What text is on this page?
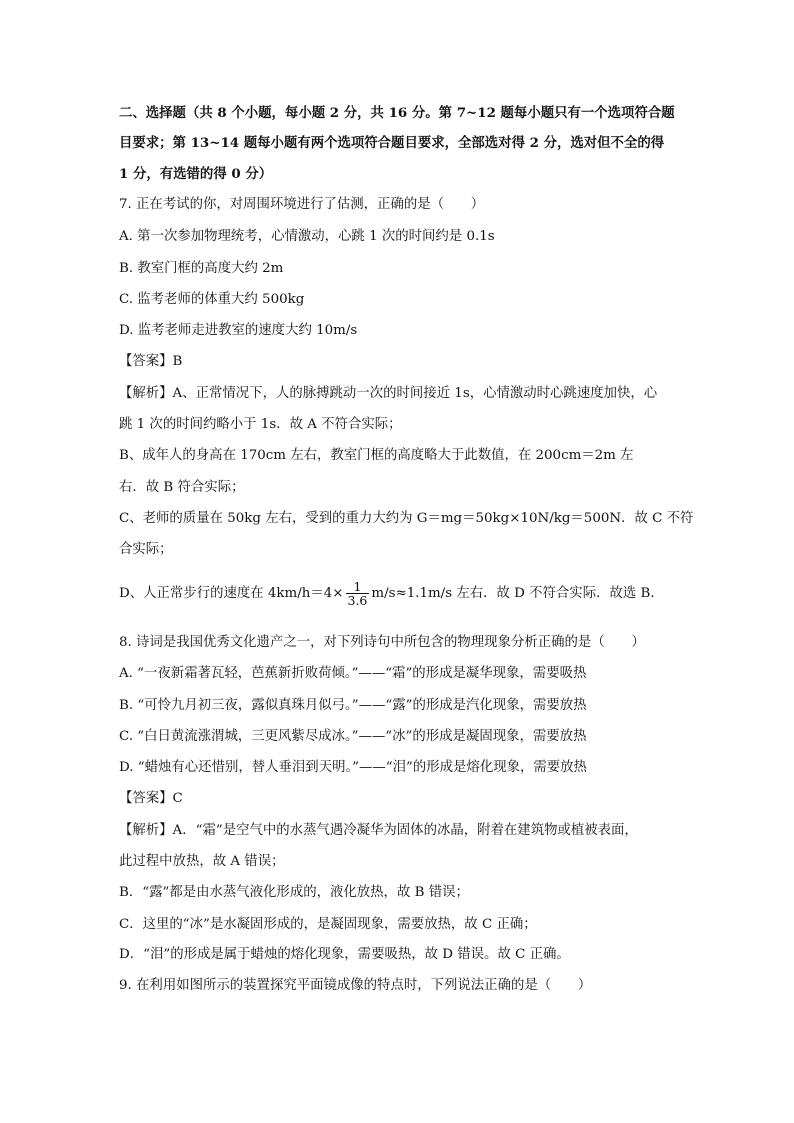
二、选择题（共 8 个小题，每小题 2 分，共 16 分。第 7~12 题每小题只有一个选项符合题
目要求；第 13~14 题每小题有两个选项符合题目要求，全部选对得 2 分，选对但不全的得
1 分，有选错的得 0 分）
7. 正在考试的你，对周围环境进行了估测，正确的是（　　）
A. 第一次参加物理统考，心情激动，心跳 1 次的时间约是 0.1s
B. 教室门框的高度大约 2m
C. 监考老师的体重大约 500kg
D. 监考老师走进教室的速度大约 10m/s
【答案】B
【解析】A、正常情况下，人的脉搏跳动一次的时间接近 1s，心情激动时心跳速度加快，心
跳 1 次的时间约略小于 1s．故 A 不符合实际；
B、成年人的身高在 170cm 左右，教室门框的高度略大于此数值，在 200cm＝2m 左
右．故 B 符合实际；
C、老师的质量在 50kg 左右，受到的重力大约为 G＝mg＝50kg×10N/kg＝500N．故 C 不符
合实际；
D、人正常步行的速度在 $4km/h=4\times \frac{1}{3.6} m/s\approx 1.1m/s$ 左右．故 D 不符合实际．故选 B．
8. 诗词是我国优秀文化遗产之一，对下列诗句中所包含的物理现象分析正确的是（　　）
A. “一夜新霜著瓦轻，芭蕉新折败荷倾。”——“霜”的形成是凝华现象，需要吸热
B. “可怜九月初三夜，露似真珠月似弓。”——“露”的形成是汽化现象，需要放热
C. “白日黄流涨渭城，三更风紫尽成冰。”——“冰”的形成是凝固现象，需要放热
D. “蜡烛有心还惜别，替人垂泪到天明。”——“泪”的形成是熔化现象，需要放热
【答案】C
【解析】A．“霜”是空气中的水蒸气遇冷凝华为固体的冰晶，附着在建筑物或植被表面，
此过程中放热，故 A 错误；
B．“露”都是由水蒸气液化形成的，液化放热，故 B 错误；
C．这里的“冰”是水凝固形成的，是凝固现象，需要放热，故 C 正确；
D．“泪”的形成是属于蜡烛的熔化现象，需要吸热，故 D 错误。故 C 正确。
9. 在利用如图所示的装置探究平面镜成像的特点时，下列说法正确的是（　　）
